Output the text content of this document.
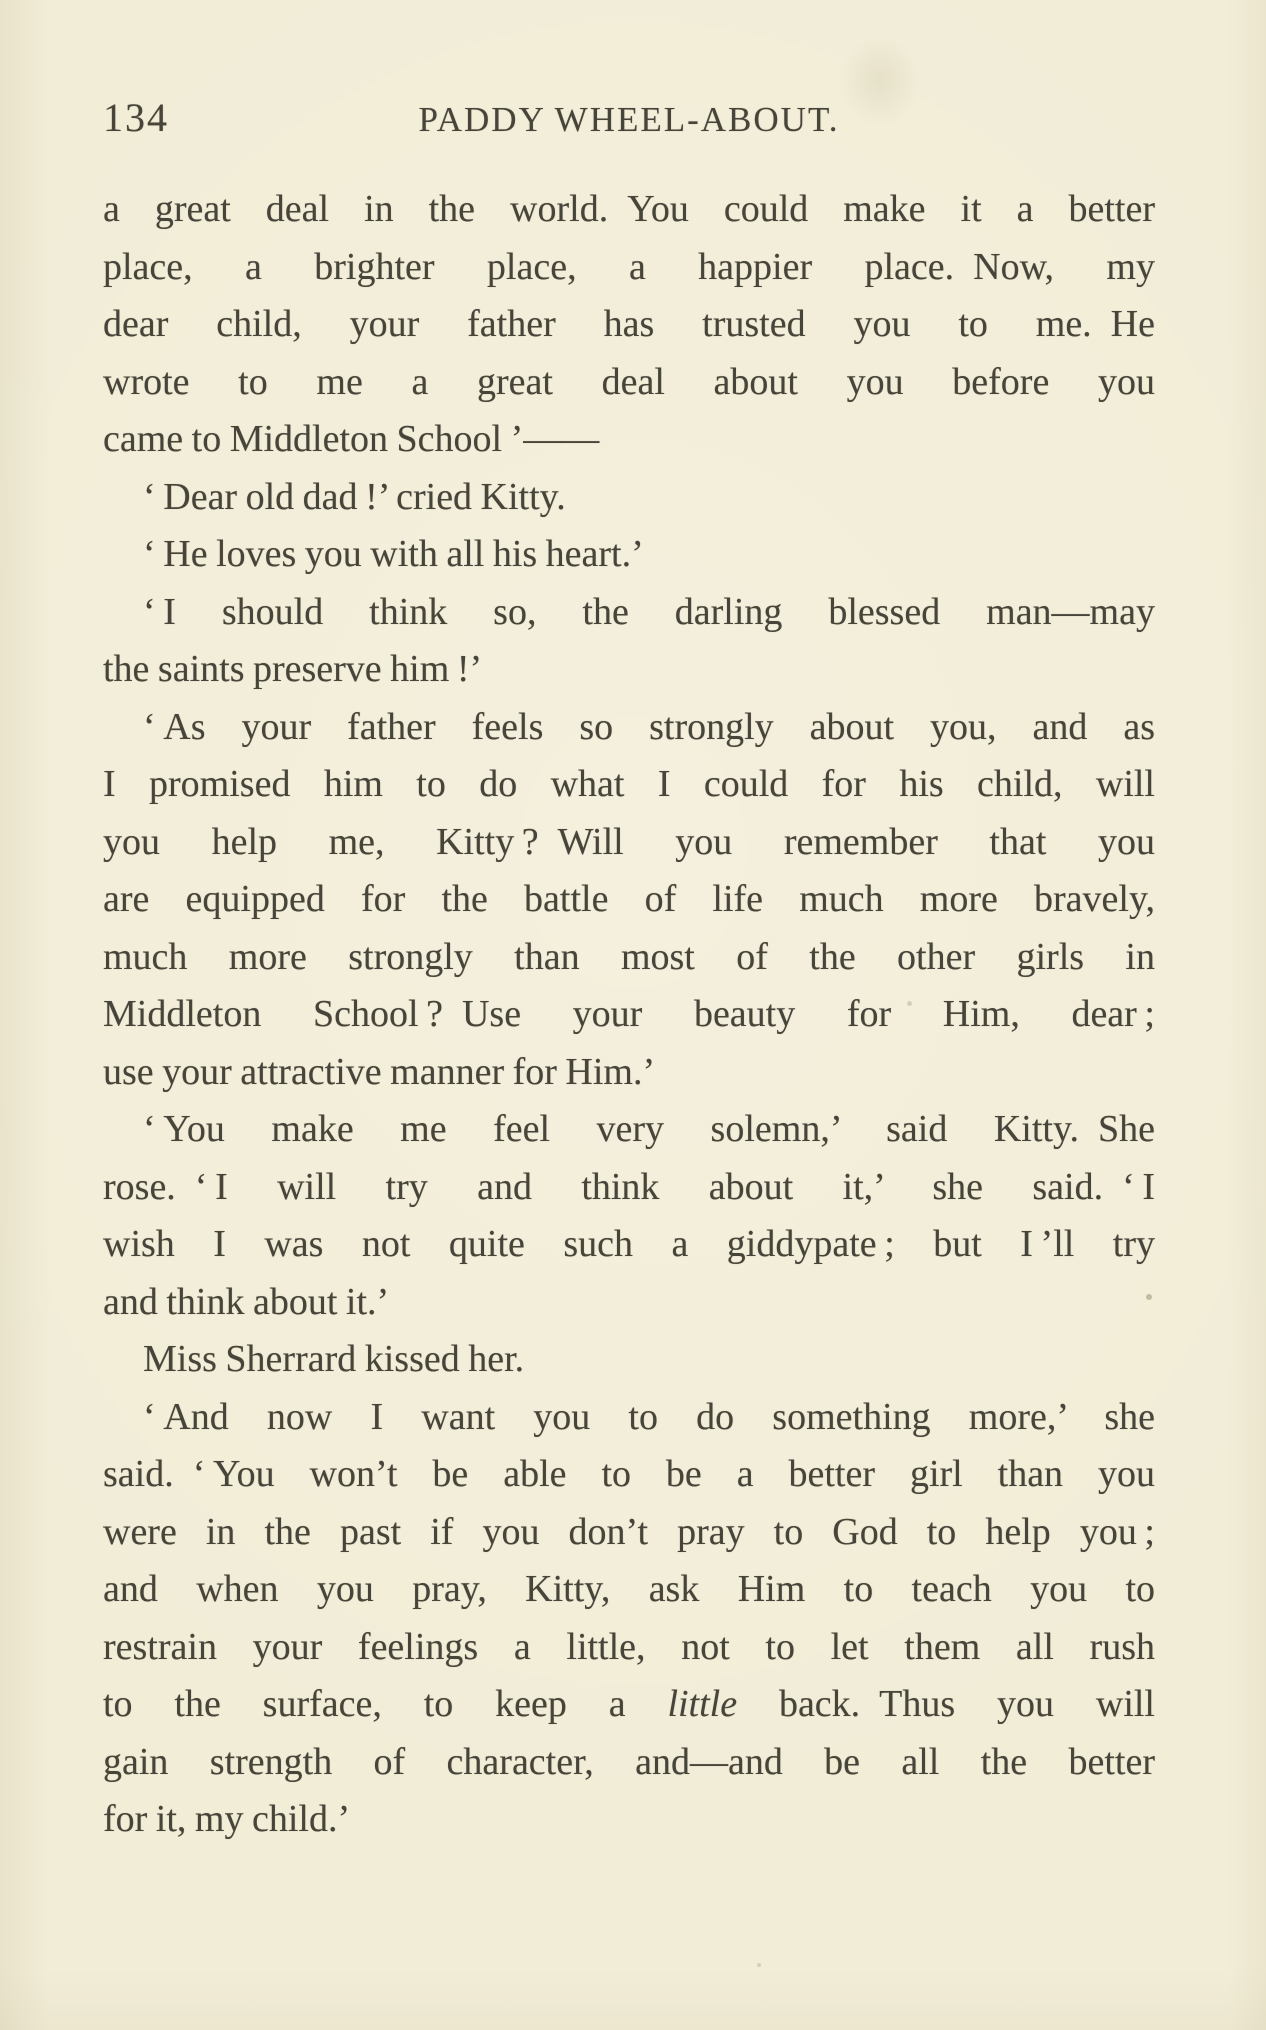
134	PADDY WHEEL-ABOUT.
a great deal in the world. You could make it a better
place, a brighter place, a happier place. Now, my
dear child, your father has trusted you to me. He
wrote to me a great deal about you before you
came to Middleton School ’——
‘ Dear old dad !’ cried Kitty.
‘ He loves you with all his heart.’
‘ I should think so, the darling blessed man—may
the saints preserve him !’
‘ As your father feels so strongly about you, and as
I promised him to do what I could for his child, will
you help me, Kitty ? Will you remember that you
are equipped for the battle of life much more bravely,
much more strongly than most of the other girls in
Middleton School ? Use your beauty for Him, dear ;
use your attractive manner for Him.’
‘ You make me feel very solemn,’ said Kitty. She
rose. ‘ I will try and think about it,’ she said. ‘ I
wish I was not quite such a giddypate ; but I ’ll try
and think about it.’
Miss Sherrard kissed her.
‘ And now I want you to do something more,’ she
said. ‘ You won’t be able to be a better girl than you
were in the past if you don’t pray to God to help you ;
and when you pray, Kitty, ask Him to teach you to
restrain your feelings a little, not to let them all rush
to the surface, to keep a little back. Thus you will
gain strength of character, and—and be all the better
for it, my child.’
